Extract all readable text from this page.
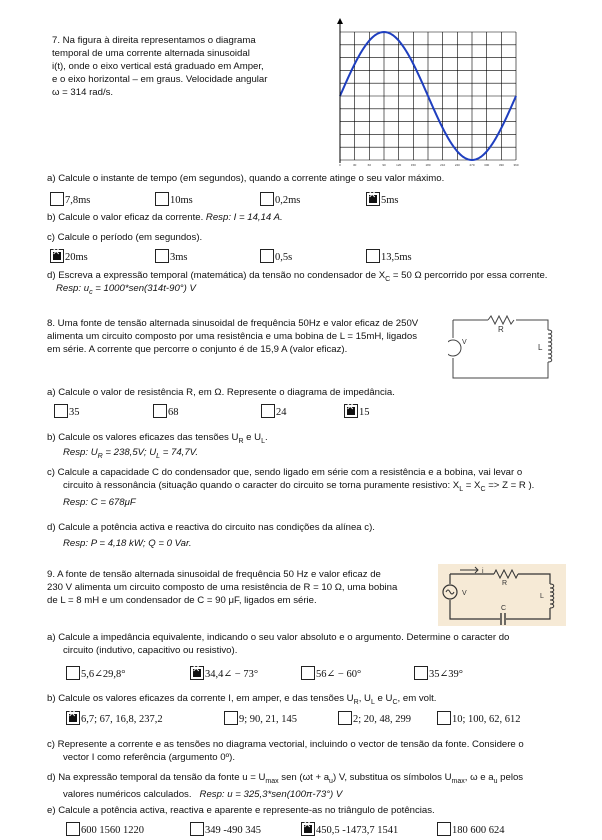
7. Na figura à direita representamos o diagrama
temporal de uma corrente alternada sinusoidal
i(t), onde o eixo vertical está graduado em Amper,
e o eixo horizontal – em graus. Velocidade angular
ω = 314 rad/s.
0	30	60	90	120	150	180	210	240	270	300	330	360
a) Calcule o instante de tempo (em segundos), quando a corrente atinge o seu valor máximo.
7,8ms	10ms	0,2ms ✕	5ms
b) Calcule o valor eficaz da corrente. Resp: I = 14,14 A.
c) Calcule o período (em segundos).
✕
20ms	3ms	0,5s	13,5ms
d) Escreva a expressão temporal (matemática) da tensão no condensador de $X_C = 50$ Ω percorrido por essa corrente.
Resp: $u_c = 1000*sen(314t-90^\circ)$ V
8. Uma fonte de tensão alternada sinusoidal de frequência 50Hz e valor eficaz de 250V
alimenta um circuito composto por uma resistência e uma bobina de L = 15mH, ligados
em série. A corrente que percorre o conjunto é de 15,9 A (valor eficaz).
R
L
V
a) Calcule o valor de resistência R, em Ω. Represente o diagrama de impedância.
35	68	24 ✕	15
b) Calcule os valores eficazes das tensões $U_R$ e $U_L$.
Resp: $U_R = 238,5V$; $U_L = 74,7V$.
c) Calcule a capacidade C do condensador que, sendo ligado em série com a resistência e a bobina, vai levar o
circuito à ressonância (situação quando o caracter do circuito se torna puramente resistivo: $X_L = X_C => Z = R$ ).
Resp: C = 678μF
d) Calcule a potência activa e reactiva do circuito nas condições da alínea c).
Resp: P = 4,18 kW; Q = 0 Var.
9. A fonte de tensão alternada sinusoidal de frequência 50 Hz e valor eficaz de
230 V alimenta um circuito composto de uma resistência de R = 10 Ω, uma bobina
de L = 8 mH e um condensador de C = 90 μF, ligados em série.
i
R
V	L
C
a) Calcule a impedância equivalente, indicando o seu valor absoluto e o argumento. Determine o caracter do
circuito (indutivo, capacitivo ou resistivo).
5,6∠29,8° ✕	34,4∠ − 73°	56∠ − 60°	35∠39°
b) Calcule os valores eficazes da corrente I, em amper, e das tensões $U_R$, $U_L$ e $U_C$, em volt.
✕
6,7; 67, 16,8, 237,2	9; 90, 21, 145	2; 20, 48, 299	10; 100, 62, 612
c) Represente a corrente e as tensões no diagrama vectorial, incluindo o vector de tensão da fonte. Considere o
vector I como referência (argumento 0º).
d) Na expressão temporal da tensão da fonte $u = U_{max}$ sen $(\omega t + a_u)$ V, substitua os símbolos $U_{max}$, ω e $a_u$ pelos
valores numéricos calculados. Resp: u = 325,3*sen(100π-73°) V
e) Calcule a potência activa, reactiva e aparente e represente-as no triângulo de potências.
600 1560 1220	349 -490 345 ✕	450,5 -1473,7 1541	180 600 624
